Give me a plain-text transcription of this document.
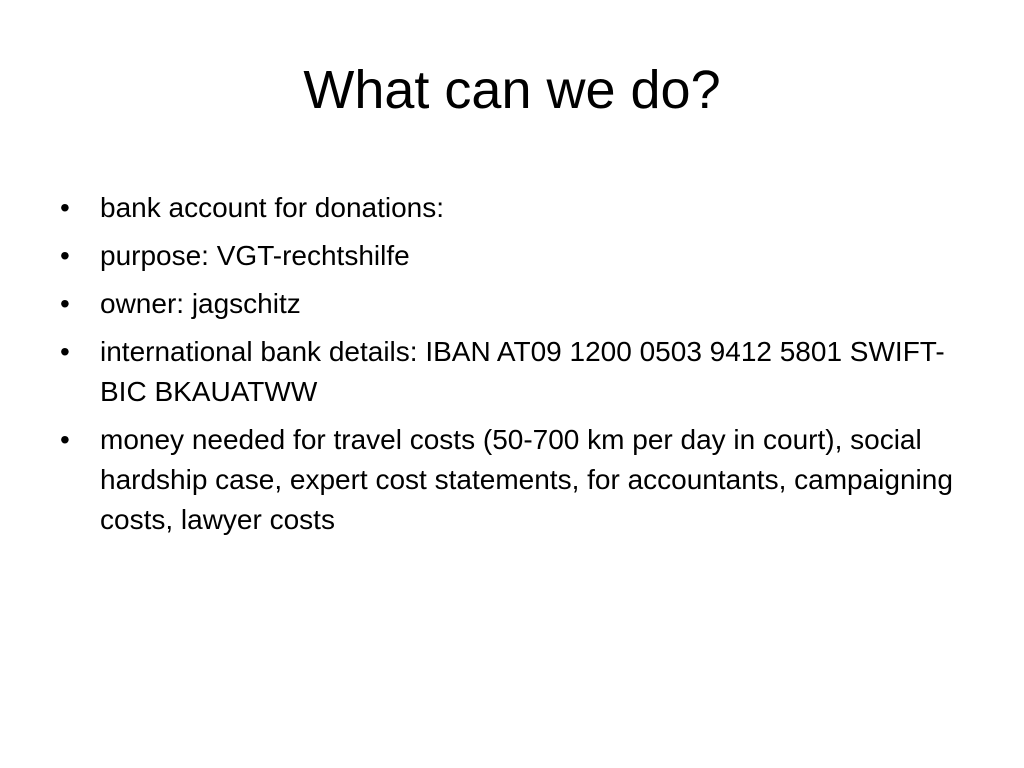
What can we do?
• bank account for donations:
• purpose: VGT-rechtshilfe
• owner: jagschitz
• international bank details: IBAN AT09 1200 0503 9412 5801 SWIFT-BIC BKAUATWW
• money needed for travel costs (50-700 km per day in court), social hardship case, expert cost statements, for accountants, campaigning costs, lawyer costs
